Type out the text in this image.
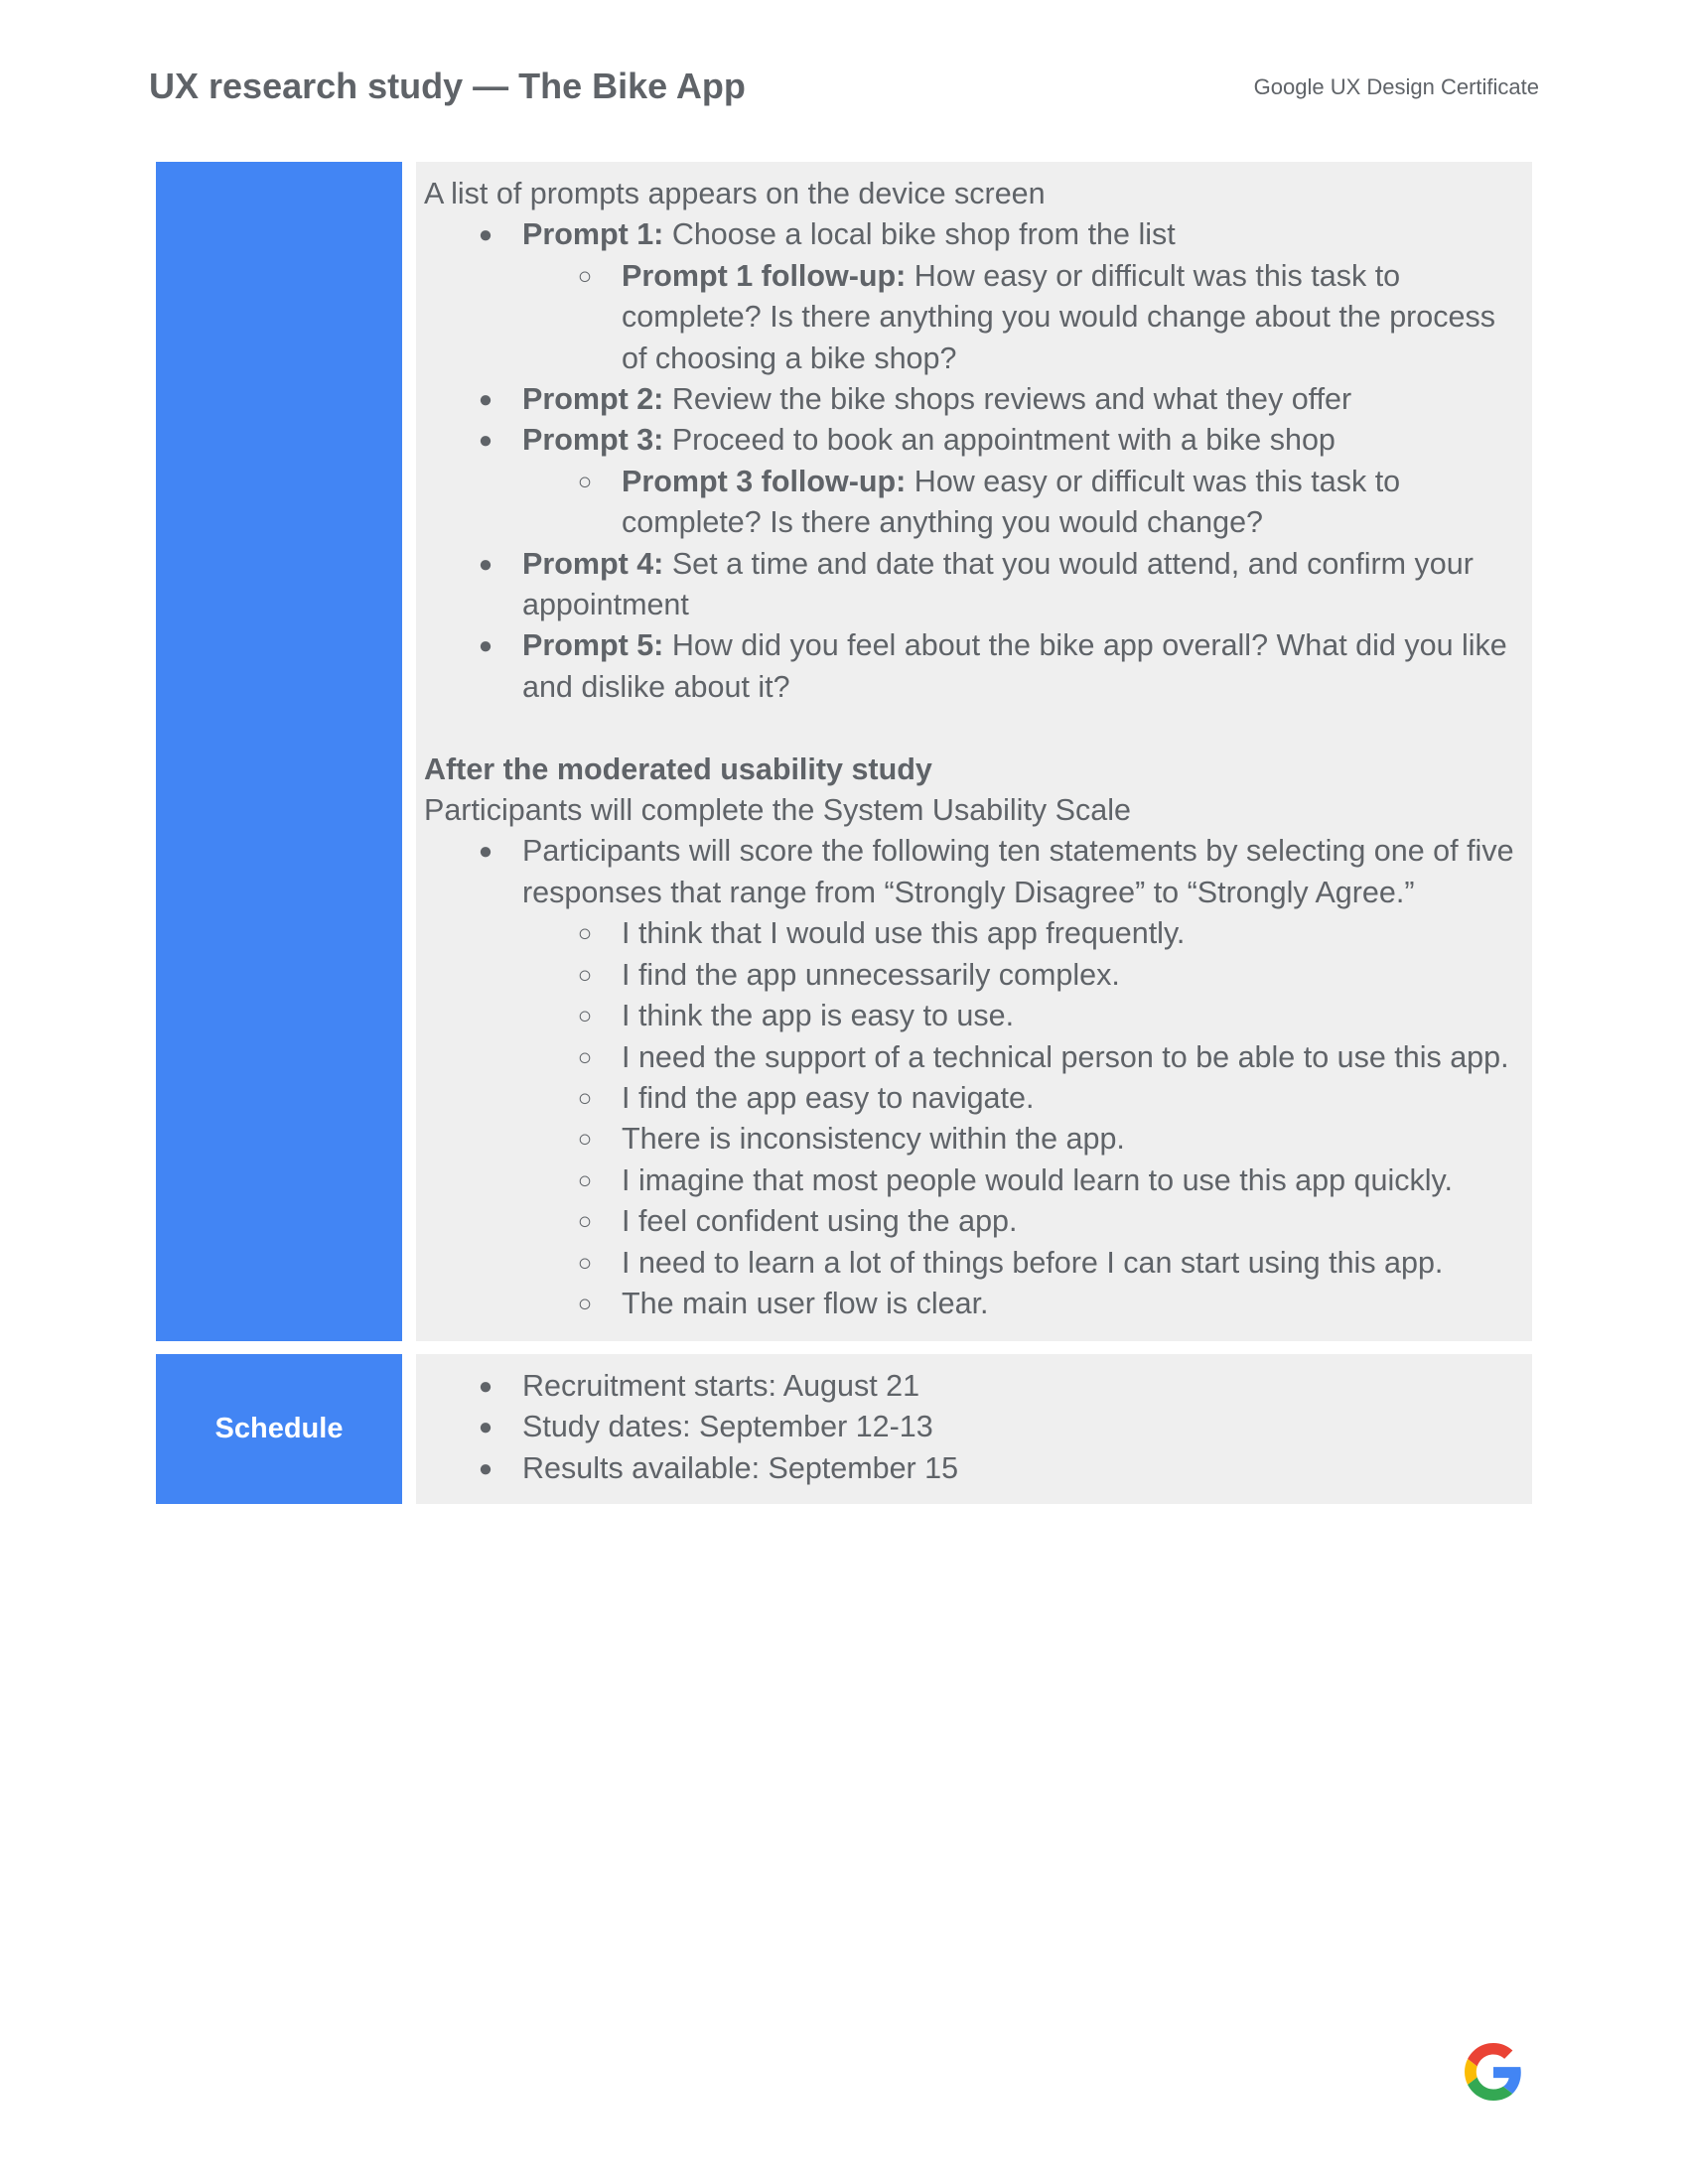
UX research study — The Bike App	Google UX Design Certificate

A list of prompts appears on the device screen

● Prompt 1: Choose a local bike shop from the list
○ Prompt 1 follow-up: How easy or difficult was this task to complete? Is there anything you would change about the process of choosing a bike shop?
● Prompt 2: Review the bike shops reviews and what they offer
● Prompt 3: Proceed to book an appointment with a bike shop
○ Prompt 3 follow-up: How easy or difficult was this task to complete? Is there anything you would change?
● Prompt 4: Set a time and date that you would attend, and confirm your appointment
● Prompt 5: How did you feel about the bike app overall? What did you like and dislike about it?

After the moderated usability study

Participants will complete the System Usability Scale

● Participants will score the following ten statements by selecting one of five responses that range from “Strongly Disagree” to “Strongly Agree.”
○ I think that I would use this app frequently.
○ I find the app unnecessarily complex.
○ I think the app is easy to use.
○ I need the support of a technical person to be able to use this app.
○ I find the app easy to navigate.
○ There is inconsistency within the app.
○ I imagine that most people would learn to use this app quickly.
○ I feel confident using the app.
○ I need to learn a lot of things before I can start using this app.
○ The main user flow is clear.
Schedule
● Recruitment starts: August 21
● Study dates: September 12-13
● Results available: September 15
